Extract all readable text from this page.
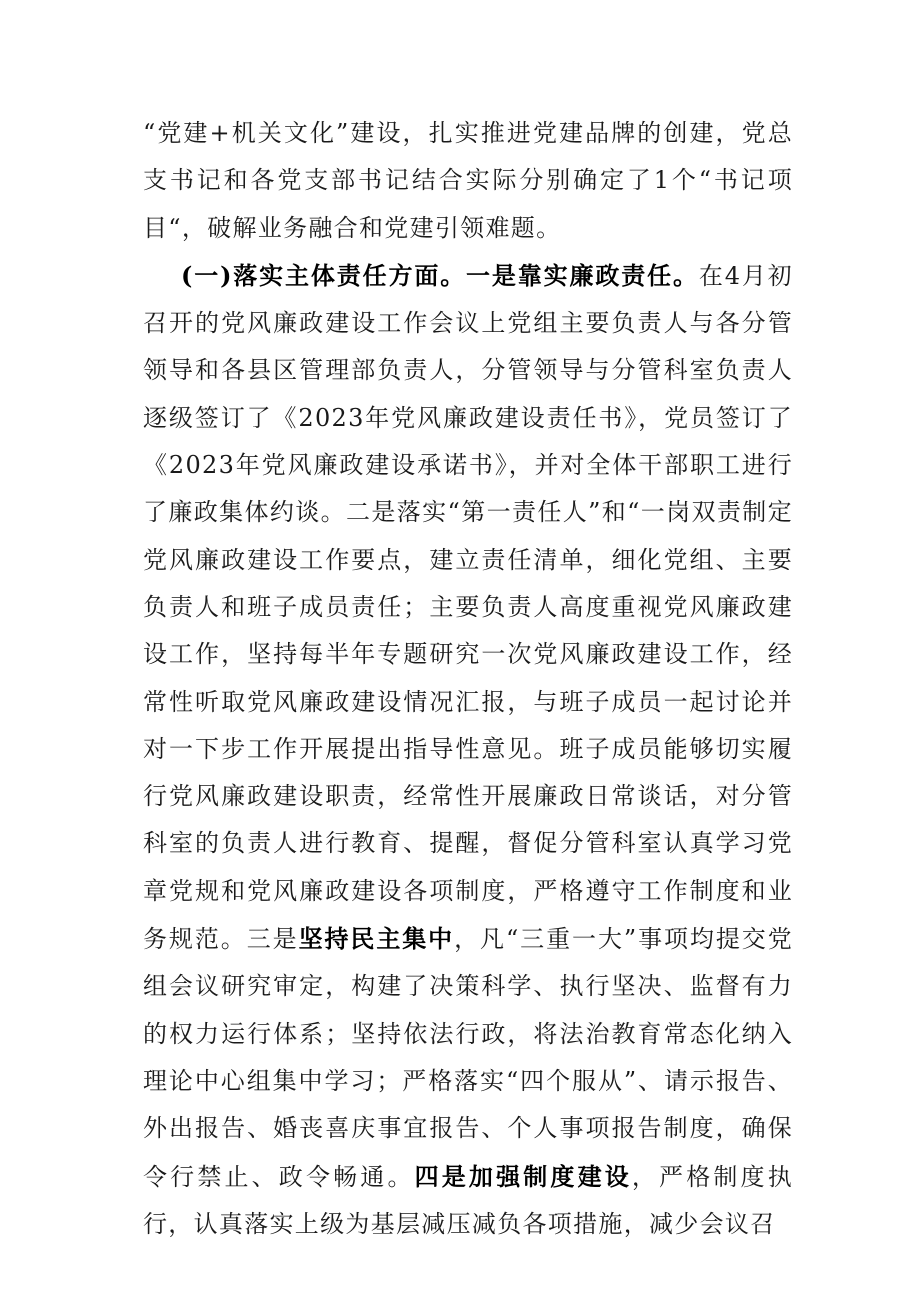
“党建+机关文化”建设，扎实推进党建品牌的创建，党总支书记和各党支部书记结合实际分别确定了1个“书记项目“，破解业务融合和党建引领难题。

(一)落实主体责任方面。一是靠实廉政责任。在4月初召开的党风廉政建设工作会议上党组主要负责人与各分管领导和各县区管理部负责人，分管领导与分管科室负责人逐级签订了《2023年党风廉政建设责任书》，党员签订了《2023年党风廉政建设承诺书》，并对全体干部职工进行了廉政集体约谈。二是落实“第一责任人”和“一岗双责制定党风廉政建设工作要点，建立责任清单，细化党组、主要负责人和班子成员责任；主要负责人高度重视党风廉政建设工作，坚持每半年专题研究一次党风廉政建设工作，经常性听取党风廉政建设情况汇报，与班子成员一起讨论并对一下步工作开展提出指导性意见。班子成员能够切实履行党风廉政建设职责，经常性开展廉政日常谈话，对分管科室的负责人进行教育、提醒，督促分管科室认真学习党章党规和党风廉政建设各项制度，严格遵守工作制度和业务规范。三是坚持民主集中，凡“三重一大”事项均提交党组会议研究审定，构建了决策科学、执行坚决、监督有力的权力运行体系；坚持依法行政，将法治教育常态化纳入理论中心组集中学习；严格落实“四个服从”、请示报告、外出报告、婚丧喜庆事宜报告、个人事项报告制度，确保令行禁止、政令畅通。四是加强制度建设，严格制度执行，认真落实上级为基层减压减负各项措施，减少会议召
